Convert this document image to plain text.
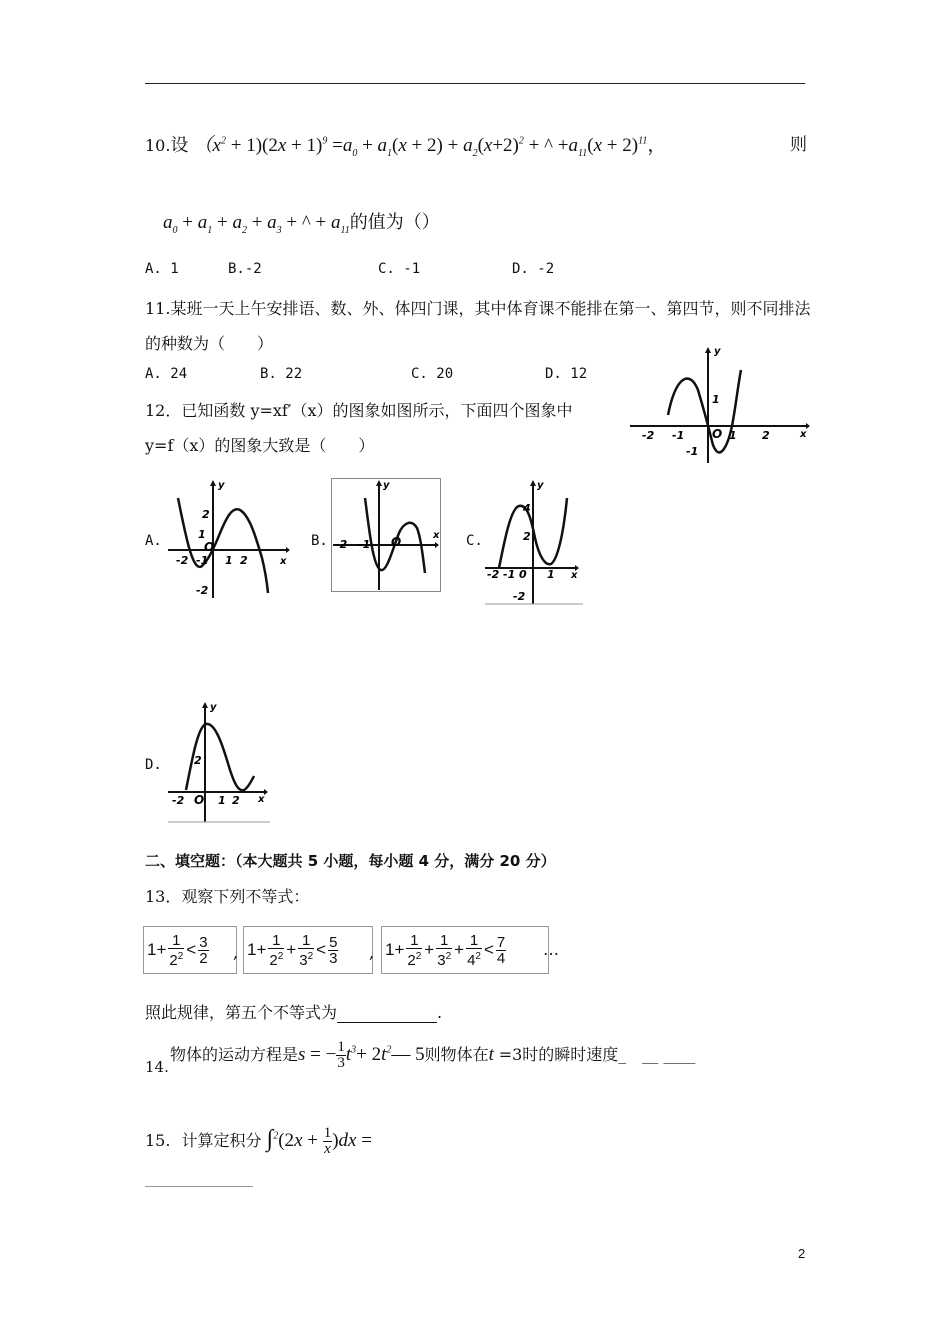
10.设 $(x^2 + 1)(2x + 1)^9 =a_0 + a_1(x + 2) + a_2(x+2)^2$ + ^ $+a_{11}(x + 2)^{11}$，	则
$a_0 + a_1 + a_2 + a_3$ + ^ + $a_{11}$的值为（）
A. 1	B.-2	C. -1	D. -2
11.某班一天上午安排语、数、外、体四门课，其中体育课不能排在第一、第四节，则不同排法
的种数为（　　）
A. 24	B. 22	C. 20	D. 12
12．已知函数 y=xf′（x）的图象如图所示，下面四个图象中
y=f（x）的图象大致是（　　）
y
x
-2 -1 O 1 2
1
-1
A.
y
x
-2 -1
O
1 2
2
1
-2
B.
y
x
-2 -1 O	C.
y
x
-2 -1 0 1
4
2
-2
D.
y
x
-2 O 1 2
2
二、填空题：（本大题共 5 小题，每小题 4 分，满分 20 分）
13．观察下列不等式：
$1+ \frac{1}{2^2} < \frac{3}{2}$ , $1+ \frac{1}{2^2} + \frac{1}{3^2} < \frac{5}{3}$ , $1+ \frac{1}{2^2} + \frac{1}{3^2} + \frac{1}{4^2} < \frac{7}{4}$ …
照此规律，第五个不等式为	.
14.
物体的运动方程是s = − $\frac{1}{3} t^3+$ $2t^2—$ 5则物体在t =3时的瞬时速度_　__ ____
15. 计算定积分 $\int^2(2x + \frac{1}{x} )dx$ =
2
